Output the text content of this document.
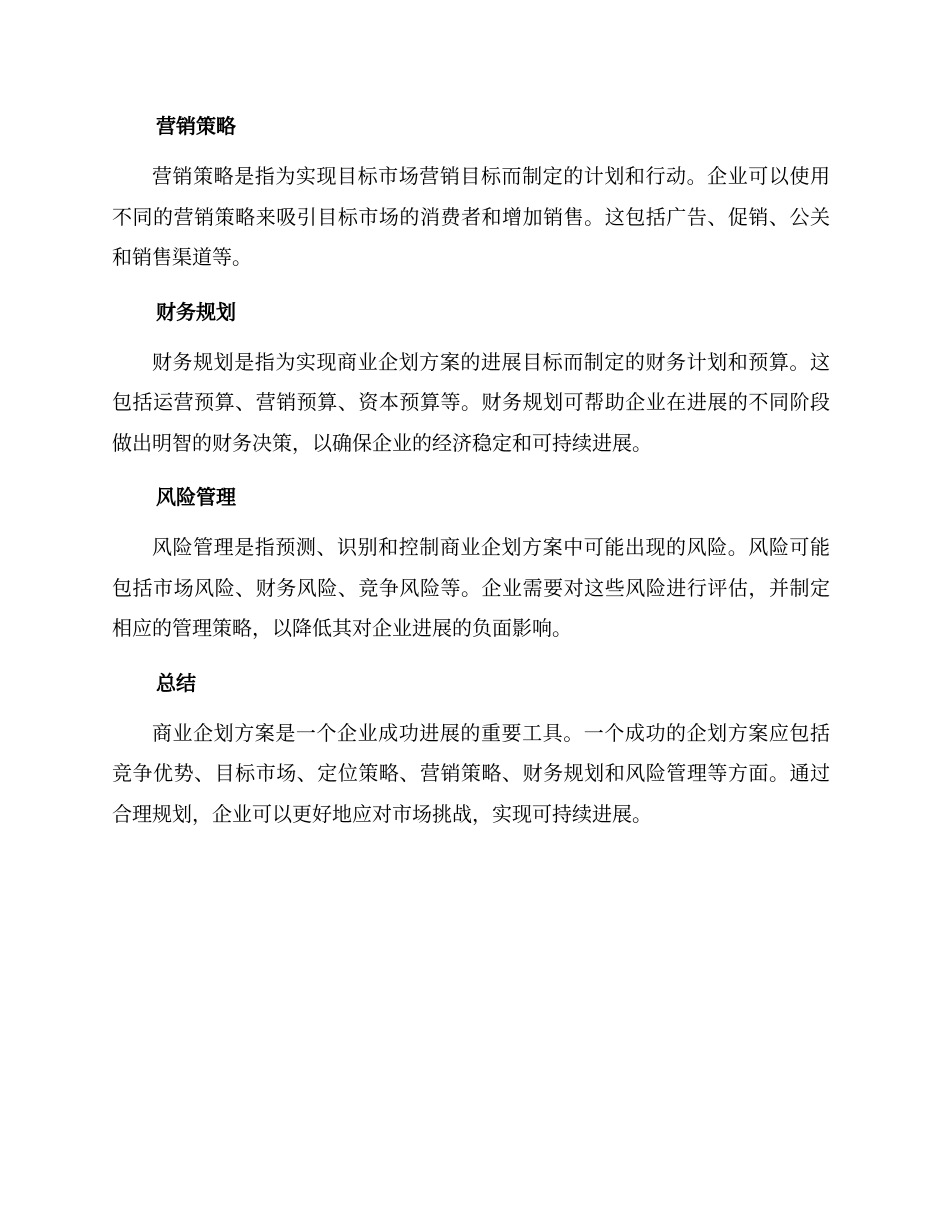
营销策略

营销策略是指为实现目标市场营销目标而制定的计划和行动。企业可以使用不同的营销策略来吸引目标市场的消费者和增加销售。这包括广告、促销、公关和销售渠道等。

财务规划

财务规划是指为实现商业企划方案的进展目标而制定的财务计划和预算。这包括运营预算、营销预算、资本预算等。财务规划可帮助企业在进展的不同阶段做出明智的财务决策，以确保企业的经济稳定和可持续进展。

风险管理

风险管理是指预测、识别和控制商业企划方案中可能出现的风险。风险可能包括市场风险、财务风险、竞争风险等。企业需要对这些风险进行评估，并制定相应的管理策略，以降低其对企业进展的负面影响。

总结

商业企划方案是一个企业成功进展的重要工具。一个成功的企划方案应包括竞争优势、目标市场、定位策略、营销策略、财务规划和风险管理等方面。通过合理规划，企业可以更好地应对市场挑战，实现可持续进展。
